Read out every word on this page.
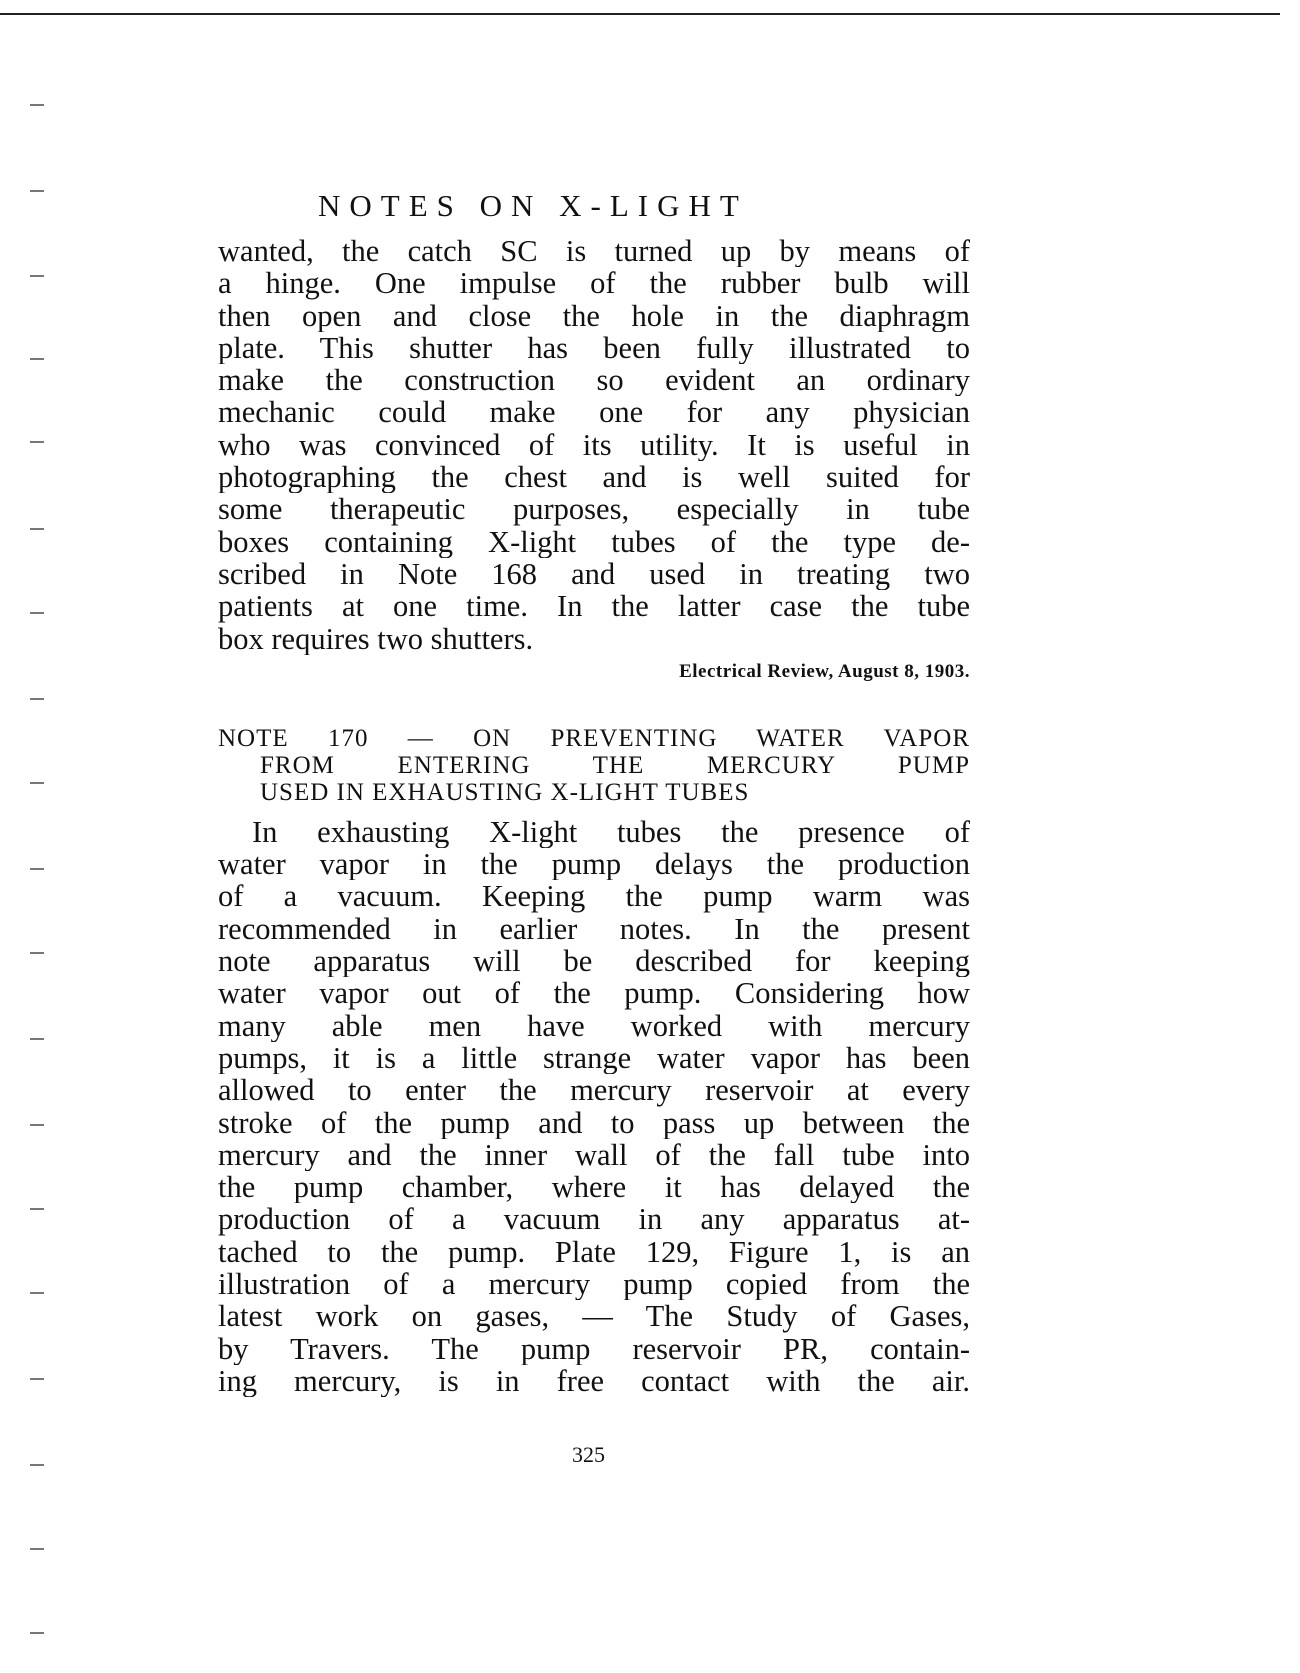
NOTES ON X-LIGHT
wanted, the catch SC is turned up by means of
a hinge. One impulse of the rubber bulb will
then open and close the hole in the diaphragm
plate. This shutter has been fully illustrated to
make the construction so evident an ordinary
mechanic could make one for any physician
who was convinced of its utility. It is useful in
photographing the chest and is well suited for
some therapeutic purposes, especially in tube
boxes containing X-light tubes of the type de-
scribed in Note 168 and used in treating two
patients at one time. In the latter case the tube
box requires two shutters.
Electrical Review, August 8, 1903.
NOTE 170 — ON PREVENTING WATER VAPOR
FROM ENTERING THE MERCURY PUMP
USED IN EXHAUSTING X-LIGHT TUBES
In exhausting X-light tubes the presence of
water vapor in the pump delays the production
of a vacuum. Keeping the pump warm was
recommended in earlier notes. In the present
note apparatus will be described for keeping
water vapor out of the pump. Considering how
many able men have worked with mercury
pumps, it is a little strange water vapor has been
allowed to enter the mercury reservoir at every
stroke of the pump and to pass up between the
mercury and the inner wall of the fall tube into
the pump chamber, where it has delayed the
production of a vacuum in any apparatus at-
tached to the pump. Plate 129, Figure 1, is an
illustration of a mercury pump copied from the
latest work on gases, — The Study of Gases,
by Travers. The pump reservoir PR, contain-
ing mercury, is in free contact with the air.
325
